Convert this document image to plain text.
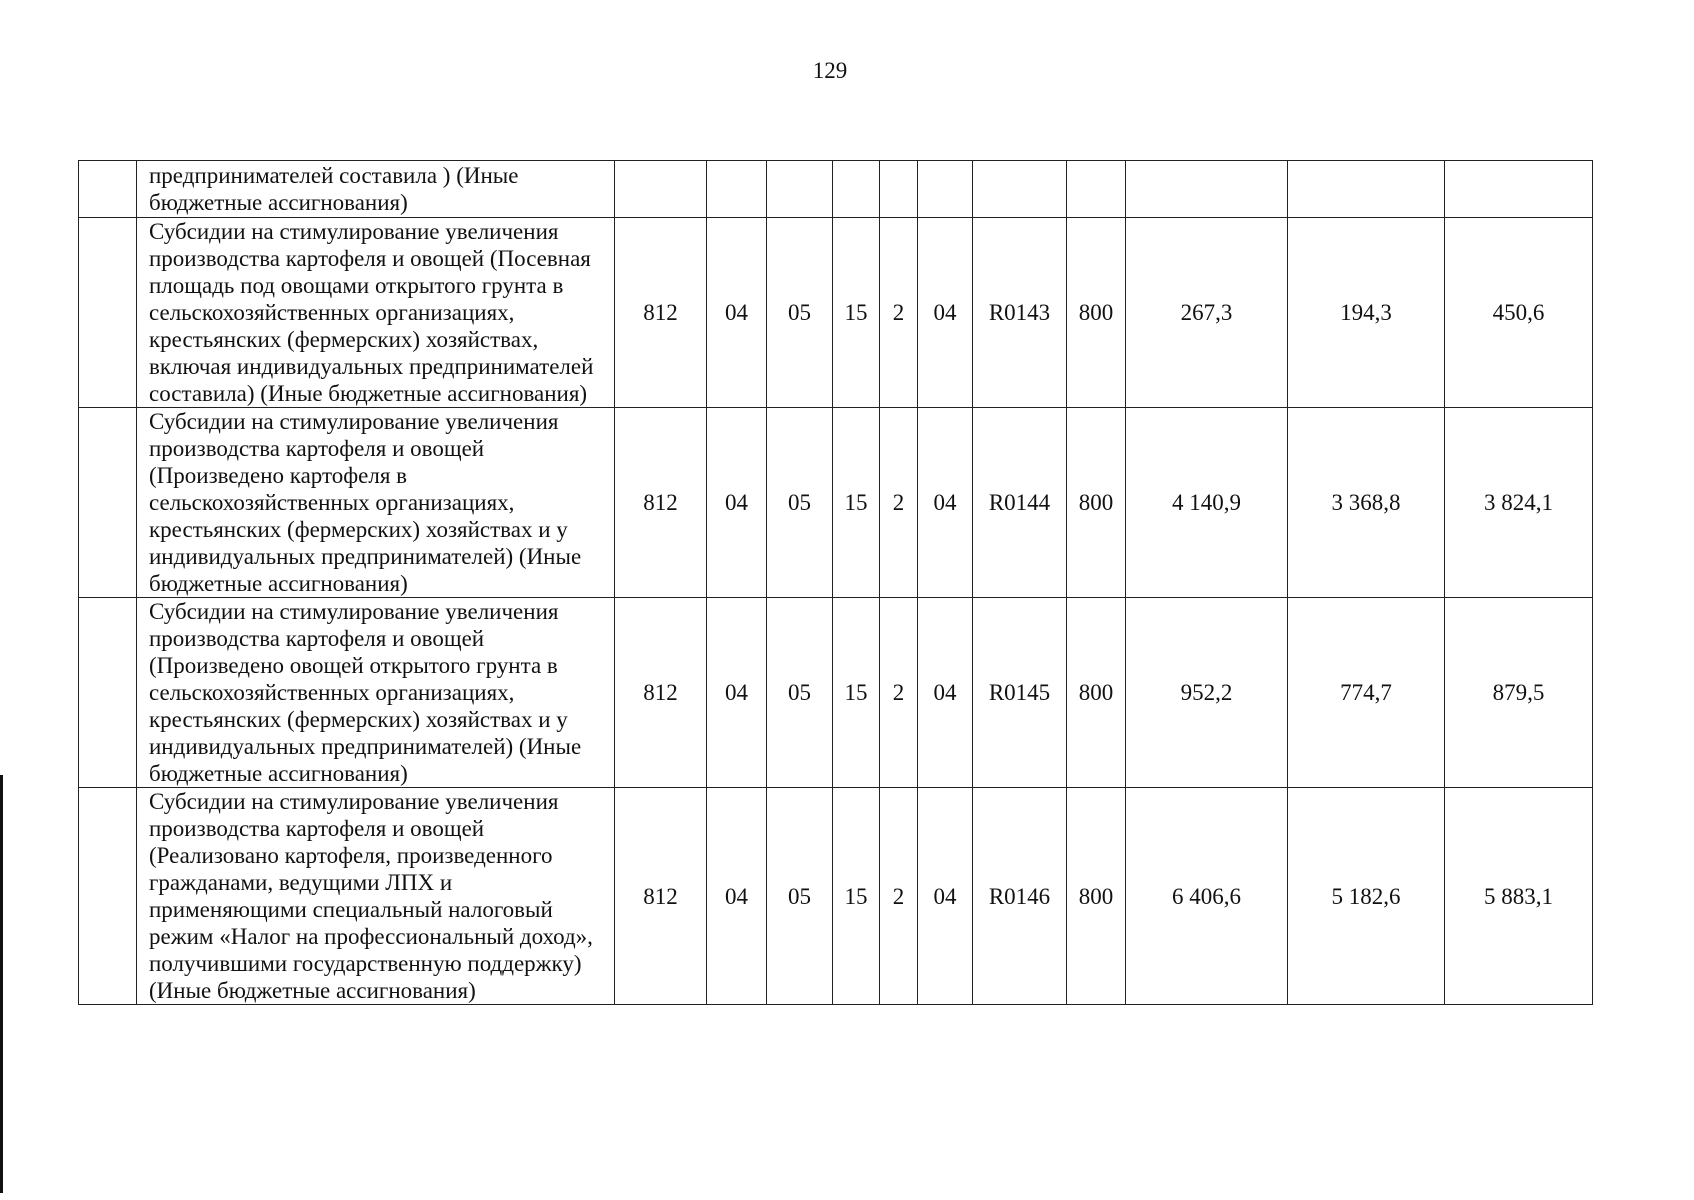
129
	предпринимателей составила ) (Иные бюджетные ассигнования)											
	Субсидии на стимулирование увеличения производства картофеля и овощей (Посевная площадь под овощами открытого грунта в сельскохозяйственных организациях, крестьянских (фермерских) хозяйствах, включая индивидуальных предпринимателей составила) (Иные бюджетные ассигнования)	812	04	05	15	2	04	R0143	800	267,3	194,3	450,6
	Субсидии на стимулирование увеличения производства картофеля и овощей (Произведено картофеля в сельскохозяйственных организациях, крестьянских (фермерских) хозяйствах и у индивидуальных предпринимателей) (Иные бюджетные ассигнования)	812	04	05	15	2	04	R0144	800	4 140,9	3 368,8	3 824,1
	Субсидии на стимулирование увеличения производства картофеля и овощей (Произведено овощей открытого грунта в сельскохозяйственных организациях, крестьянских (фермерских) хозяйствах и у индивидуальных предпринимателей) (Иные бюджетные ассигнования)	812	04	05	15	2	04	R0145	800	952,2	774,7	879,5
	Субсидии на стимулирование увеличения производства картофеля и овощей (Реализовано картофеля, произведенного гражданами, ведущими ЛПХ и применяющими специальный налоговый режим «Налог на профессиональный доход», получившими государственную поддержку) (Иные бюджетные ассигнования)	812	04	05	15	2	04	R0146	800	6 406,6	5 182,6	5 883,1
